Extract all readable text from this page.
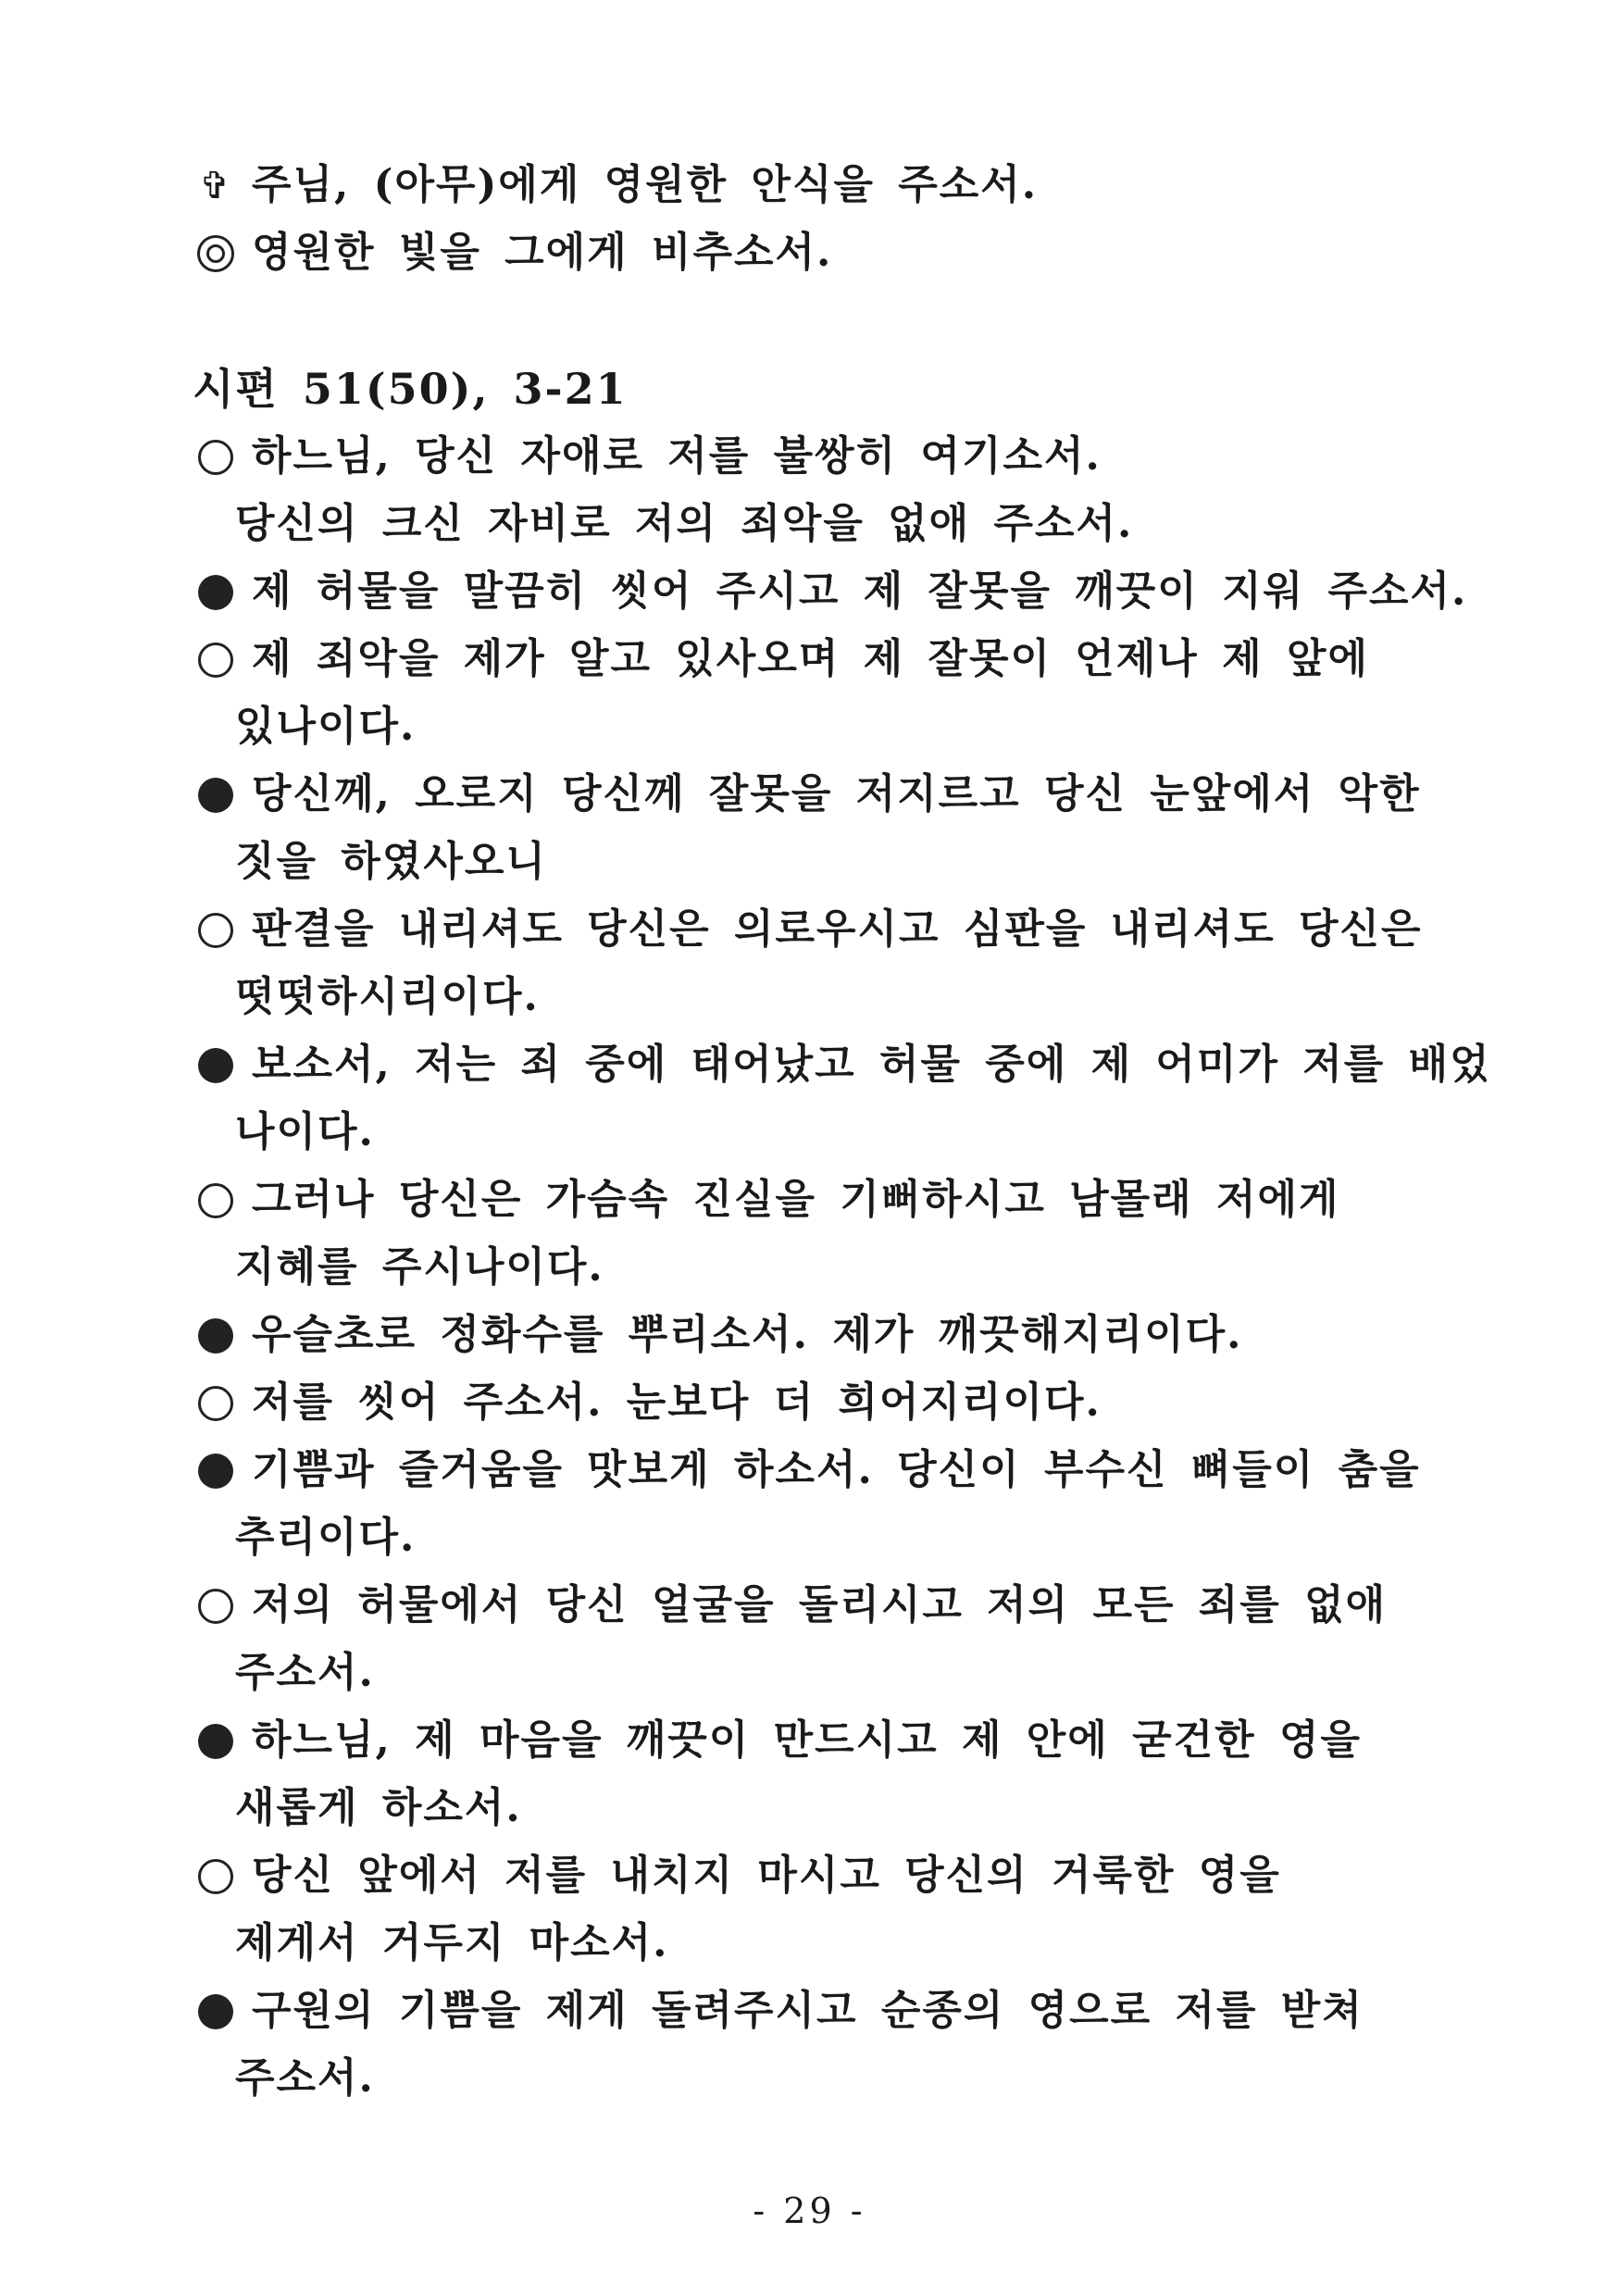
✞ 주님, (아무)에게 영원한 안식을 주소서.
영원한 빛을 그에게 비추소서.
시편 51(50), 3-21
하느님, 당신 자애로 저를 불쌍히 여기소서.
당신의 크신 자비로 저의 죄악을 없애 주소서.
제 허물을 말끔히 씻어 주시고 제 잘못을 깨끗이 지워 주소서.
제 죄악을 제가 알고 있사오며 제 잘못이 언제나 제 앞에
있나이다.
당신께, 오로지 당신께 잘못을 저지르고 당신 눈앞에서 악한
짓을 하였사오니
판결을 내리셔도 당신은 의로우시고 심판을 내리셔도 당신은
떳떳하시리이다.
보소서, 저는 죄 중에 태어났고 허물 중에 제 어미가 저를 배었
나이다.
그러나 당신은 가슴속 진실을 기뻐하시고 남몰래 저에게
지혜를 주시나이다.
우슬초로 정화수를 뿌리소서. 제가 깨끗해지리이다.
저를 씻어 주소서. 눈보다 더 희어지리이다.
기쁨과 즐거움을 맛보게 하소서. 당신이 부수신 뼈들이 춤을
추리이다.
저의 허물에서 당신 얼굴을 돌리시고 저의 모든 죄를 없애
주소서.
하느님, 제 마음을 깨끗이 만드시고 제 안에 굳건한 영을
새롭게 하소서.
당신 앞에서 저를 내치지 마시고 당신의 거룩한 영을
제게서 거두지 마소서.
구원의 기쁨을 제게 돌려주시고 순종의 영으로 저를 받쳐
주소서.
- 29 -
